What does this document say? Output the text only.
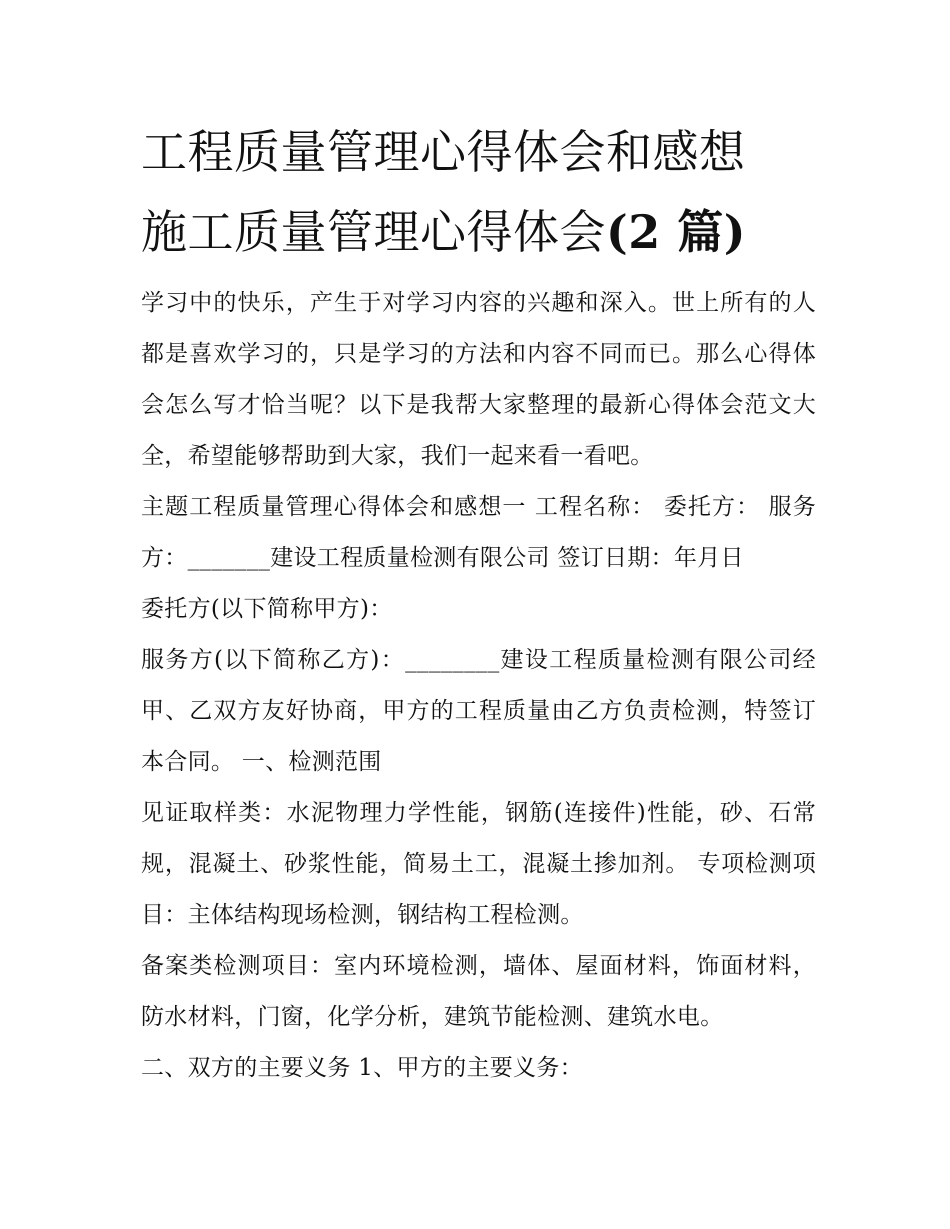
工程质量管理心得体会和感想
施工质量管理心得体会(2 篇)

学习中的快乐，产生于对学习内容的兴趣和深入。世上所有的人都是喜欢学习的，只是学习的方法和内容不同而已。那么心得体会怎么写才恰当呢？以下是我帮大家整理的最新心得体会范文大全，希望能够帮助到大家，我们一起来看一看吧。

主题工程质量管理心得体会和感想一 工程名称： 委托方： 服务方：_______建设工程质量检测有限公司 签订日期：年月日

委托方(以下简称甲方)：

服务方(以下简称乙方)：________建设工程质量检测有限公司经甲、乙双方友好协商，甲方的工程质量由乙方负责检测，特签订本合同。 一、检测范围

见证取样类：水泥物理力学性能，钢筋(连接件)性能，砂、石常规，混凝土、砂浆性能，简易土工，混凝土掺加剂。 专项检测项目：主体结构现场检测，钢结构工程检测。

备案类检测项目：室内环境检测，墙体、屋面材料，饰面材料，防水材料，门窗，化学分析，建筑节能检测、建筑水电。

二、双方的主要义务 1、甲方的主要义务：
